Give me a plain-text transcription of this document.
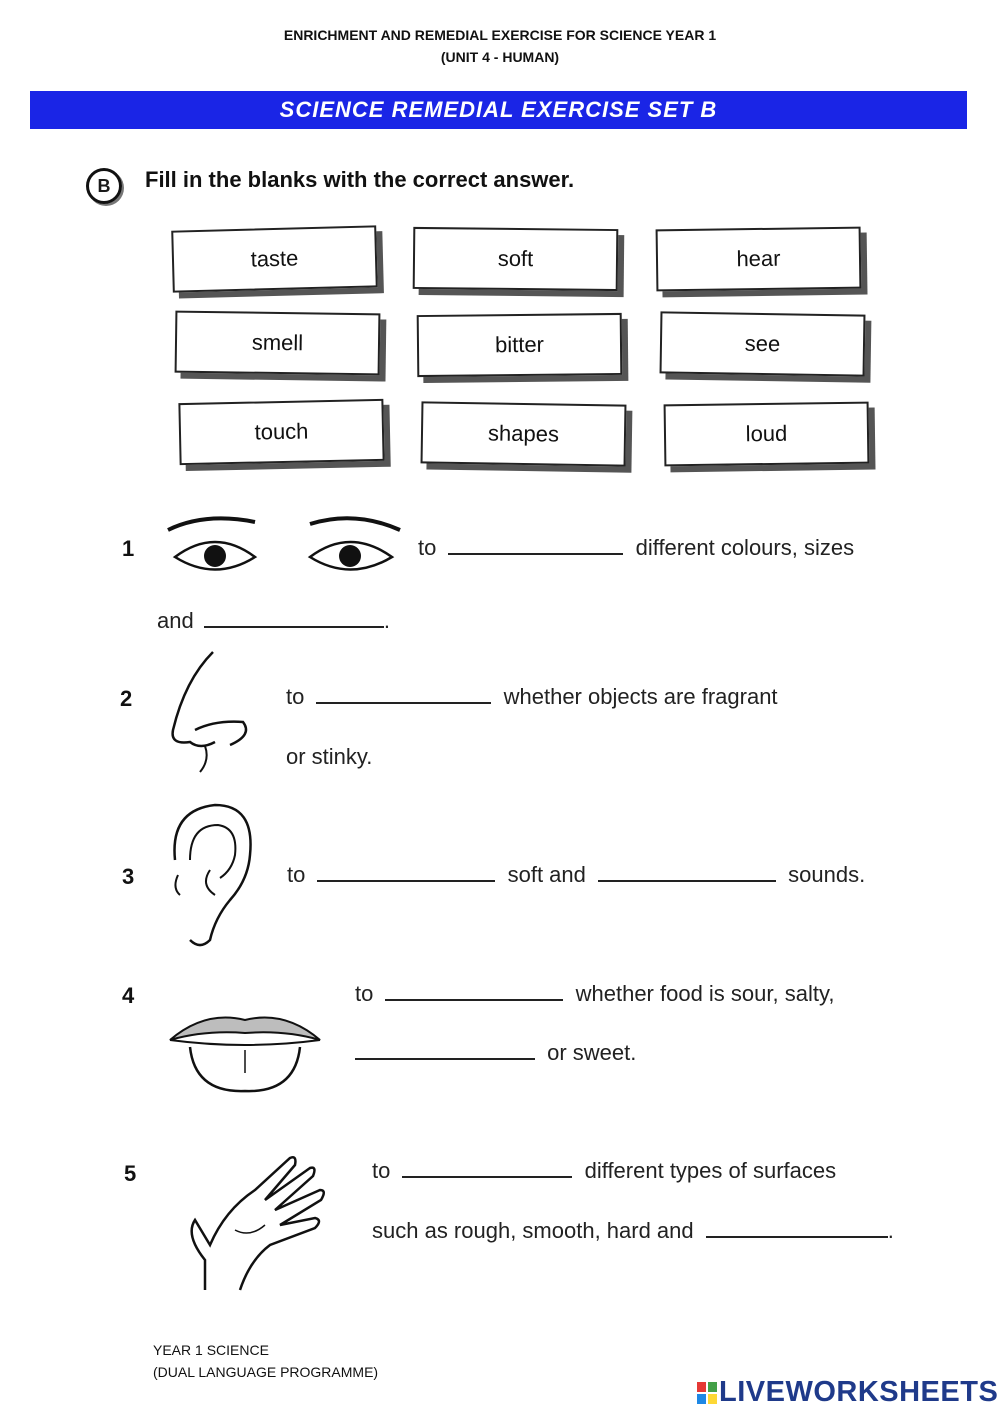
ENRICHMENT AND REMEDIAL EXERCISE FOR SCIENCE YEAR 1
(UNIT 4 - HUMAN)
SCIENCE REMEDIAL EXERCISE SET B
B	Fill in the blanks with the correct answer.
taste	soft	hear
smell	bitter	see
touch	shapes	loud
1	to	different colours, sizes
and	.
2	to	whether objects are fragrant
or stinky.
3	to	soft and	sounds.
4	to	whether food is sour, salty,
or sweet.
5	to	different types of surfaces
such as rough, smooth, hard and	.
YEAR 1 SCIENCE
(DUAL LANGUAGE PROGRAMME)
LIVEWORKSHEETS
